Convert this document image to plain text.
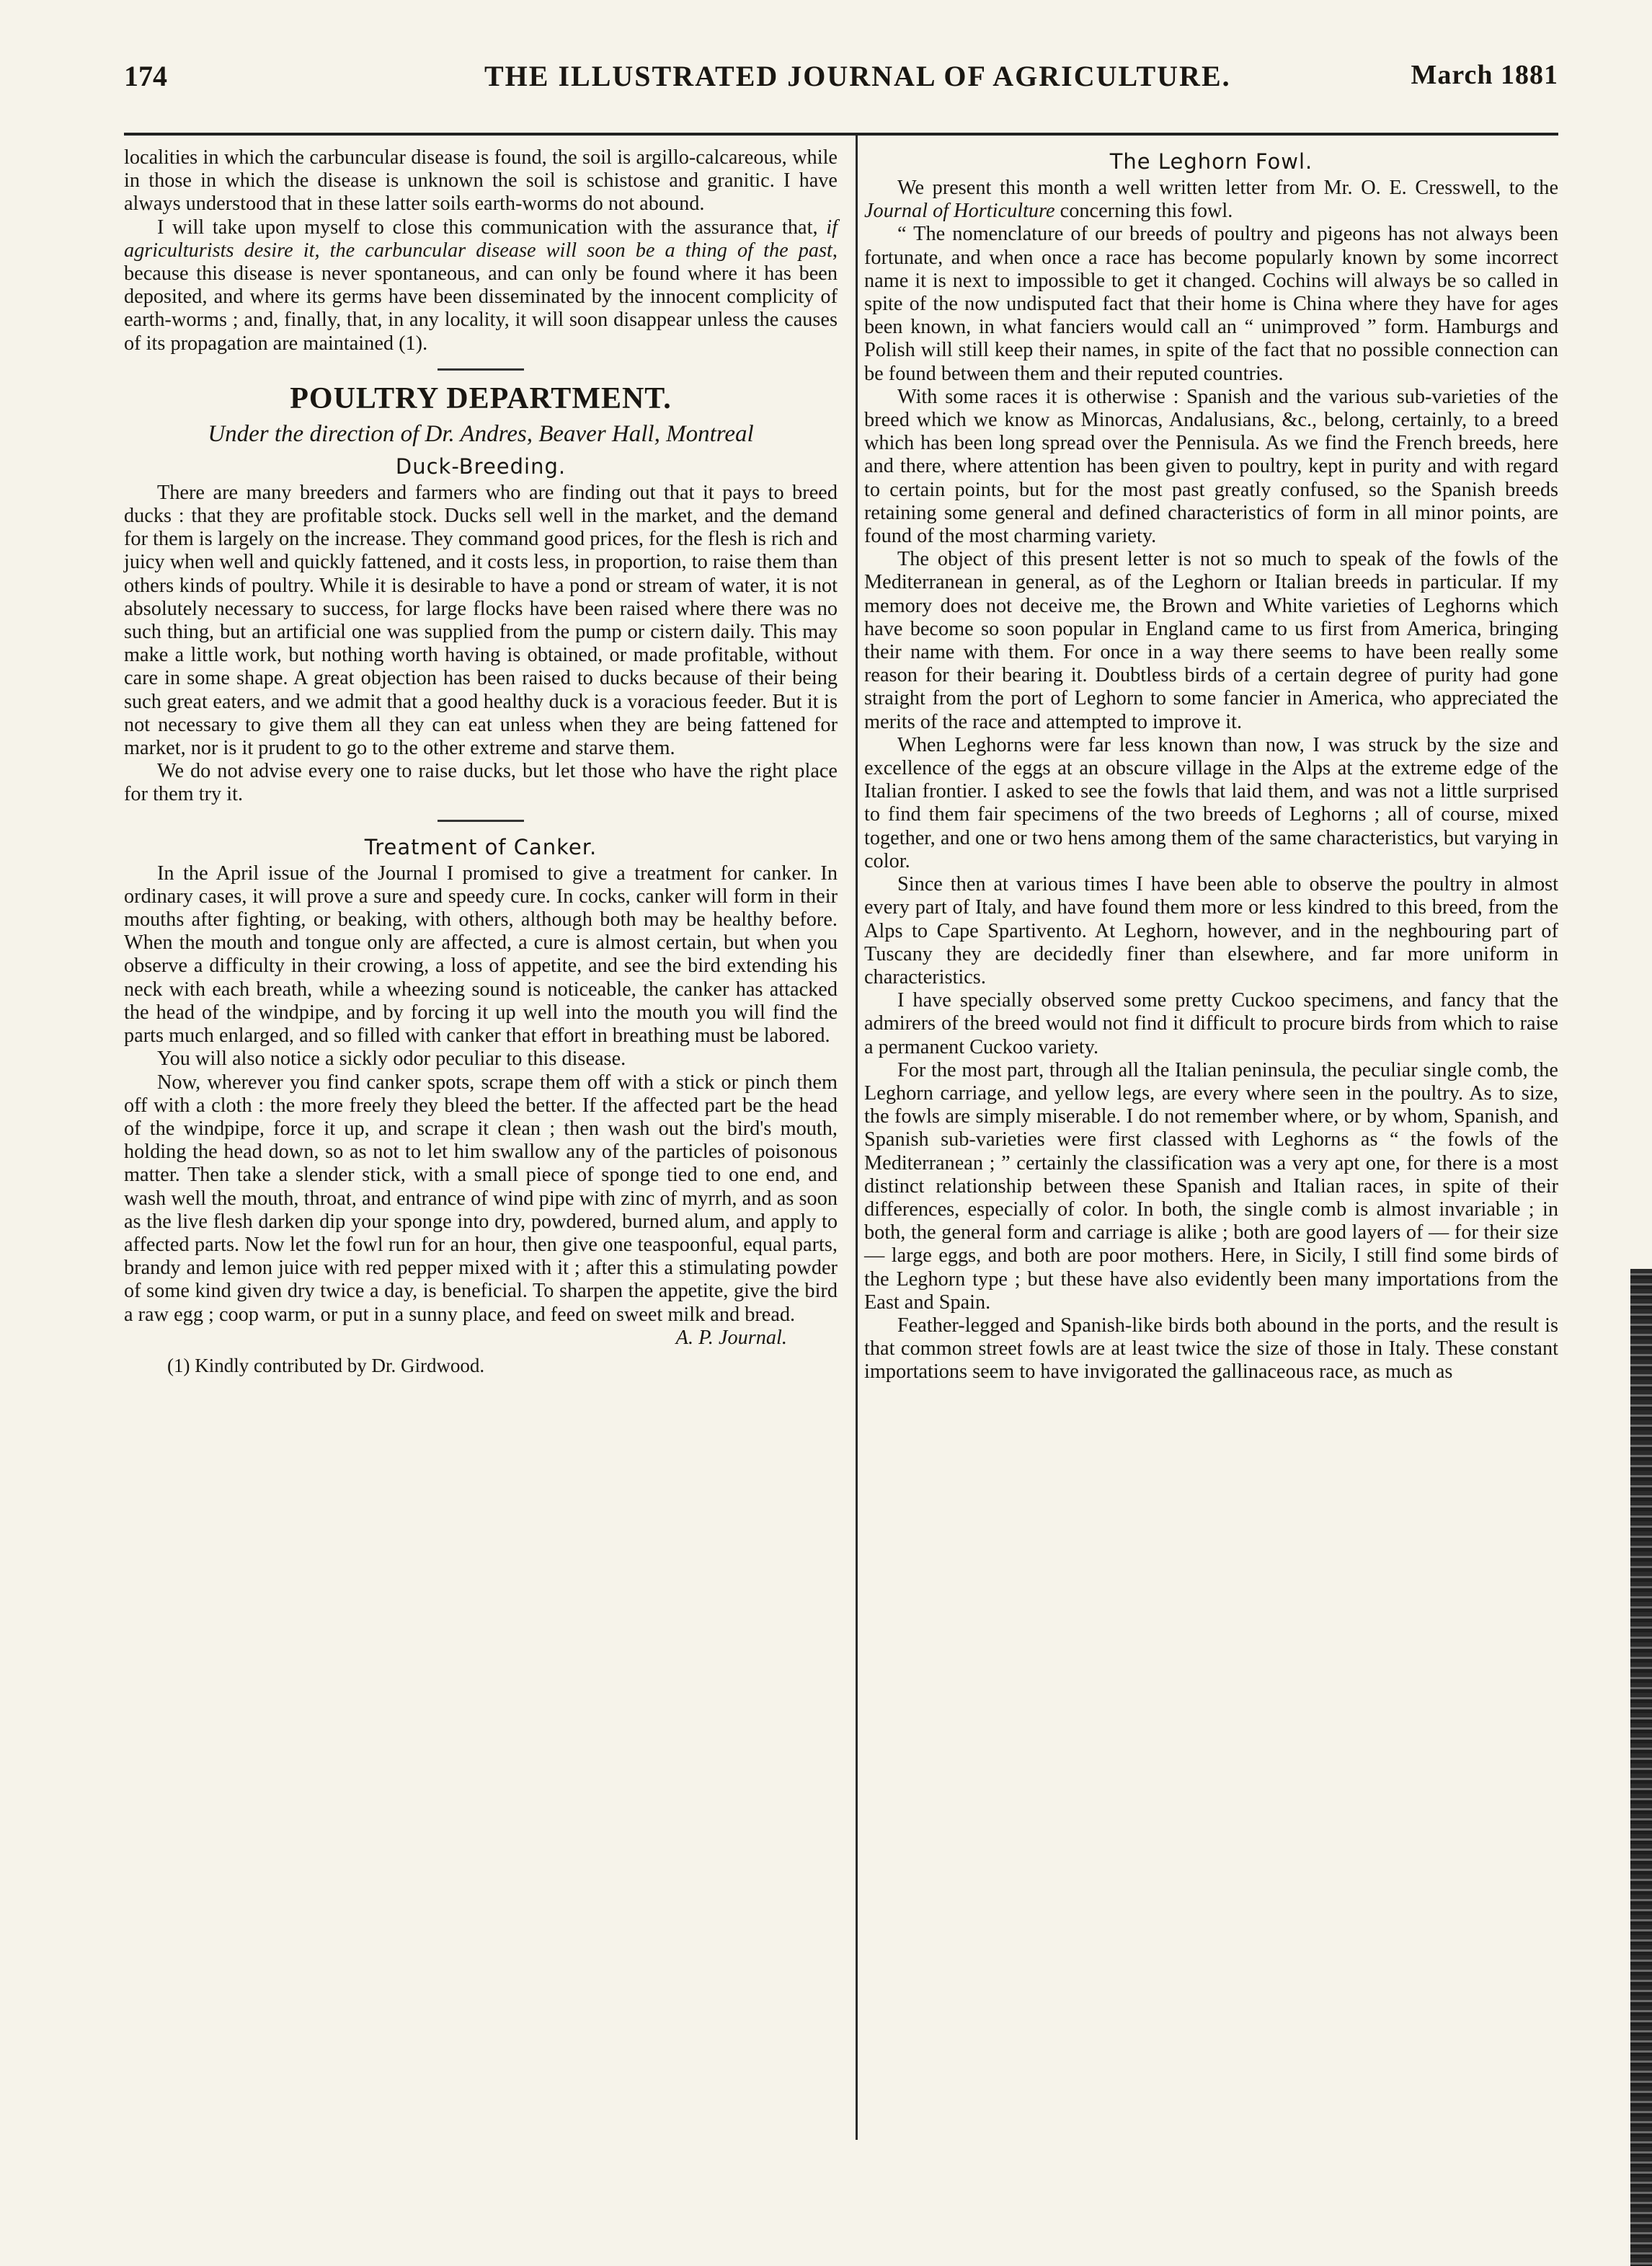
174	THE ILLUSTRATED JOURNAL OF AGRICULTURE.	March 1881

localities in which the carbuncular disease is found, the soil is argillo-calcareous, while in those in which the disease is unknown the soil is schistose and granitic. I have always understood that in these latter soils earth-worms do not abound.

I will take upon myself to close this communication with the assurance that, if agriculturists desire it, the carbuncular disease will soon be a thing of the past, because this disease is never spontaneous, and can only be found where it has been deposited, and where its germs have been disseminated by the innocent complicity of earth-worms ; and, finally, that, in any locality, it will soon disappear unless the causes of its propagation are maintained (1).

POULTRY DEPARTMENT.
Under the direction of Dr. Andres, Beaver Hall, Montreal
Duck-Breeding.

There are many breeders and farmers who are finding out that it pays to breed ducks : that they are profitable stock. Ducks sell well in the market, and the demand for them is largely on the increase. They command good prices, for the flesh is rich and juicy when well and quickly fattened, and it costs less, in proportion, to raise them than others kinds of poultry. While it is desirable to have a pond or stream of water, it is not absolutely necessary to success, for large flocks have been raised where there was no such thing, but an artificial one was supplied from the pump or cistern daily. This may make a little work, but nothing worth having is obtained, or made profitable, without care in some shape. A great objection has been raised to ducks because of their being such great eaters, and we admit that a good healthy duck is a voracious feeder. But it is not necessary to give them all they can eat unless when they are being fattened for market, nor is it prudent to go to the other extreme and starve them.

We do not advise every one to raise ducks, but let those who have the right place for them try it.

Treatment of Canker.

In the April issue of the Journal I promised to give a treatment for canker. In ordinary cases, it will prove a sure and speedy cure. In cocks, canker will form in their mouths after fighting, or beaking, with others, although both may be healthy before. When the mouth and tongue only are affected, a cure is almost certain, but when you observe a difficulty in their crowing, a loss of appetite, and see the bird extending his neck with each breath, while a wheezing sound is noticeable, the canker has attacked the head of the windpipe, and by forcing it up well into the mouth you will find the parts much enlarged, and so filled with canker that effort in breathing must be labored.

You will also notice a sickly odor peculiar to this disease.

Now, wherever you find canker spots, scrape them off with a stick or pinch them off with a cloth : the more freely they bleed the better. If the affected part be the head of the windpipe, force it up, and scrape it clean ; then wash out the bird's mouth, holding the head down, so as not to let him swallow any of the particles of poisonous matter. Then take a slender stick, with a small piece of sponge tied to one end, and wash well the mouth, throat, and entrance of wind pipe with zinc of myrrh, and as soon as the live flesh darken dip your sponge into dry, powdered, burned alum, and apply to affected parts. Now let the fowl run for an hour, then give one teaspoonful, equal parts, brandy and lemon juice with red pepper mixed with it ; after this a stimulating powder of some kind given dry twice a day, is beneficial. To sharpen the appetite, give the bird a raw egg ; coop warm, or put in a sunny place, and feed on sweet milk and bread.

A. P. Journal.
(1) Kindly contributed by Dr. Girdwood.
The Leghorn Fowl.

We present this month a well written letter from Mr. O. E. Cresswell, to the Journal of Horticulture concerning this fowl.

“ The nomenclature of our breeds of poultry and pigeons has not always been fortunate, and when once a race has become popularly known by some incorrect name it is next to impossible to get it changed. Cochins will always be so called in spite of the now undisputed fact that their home is China where they have for ages been known, in what fanciers would call an “ unimproved ” form. Hamburgs and Polish will still keep their names, in spite of the fact that no possible connection can be found between them and their reputed countries.

With some races it is otherwise : Spanish and the various sub-varieties of the breed which we know as Minorcas, Andalusians, &c., belong, certainly, to a breed which has been long spread over the Pennisula. As we find the French breeds, here and there, where attention has been given to poultry, kept in purity and with regard to certain points, but for the most past greatly confused, so the Spanish breeds retaining some general and defined characteristics of form in all minor points, are found of the most charming variety.

The object of this present letter is not so much to speak of the fowls of the Mediterranean in general, as of the Leghorn or Italian breeds in particular. If my memory does not deceive me, the Brown and White varieties of Leghorns which have become so soon popular in England came to us first from America, bringing their name with them. For once in a way there seems to have been really some reason for their bearing it. Doubtless birds of a certain degree of purity had gone straight from the port of Leghorn to some fancier in America, who appreciated the merits of the race and attempted to improve it.

When Leghorns were far less known than now, I was struck by the size and excellence of the eggs at an obscure village in the Alps at the extreme edge of the Italian frontier. I asked to see the fowls that laid them, and was not a little surprised to find them fair specimens of the two breeds of Leghorns ; all of course, mixed together, and one or two hens among them of the same characteristics, but varying in color.

Since then at various times I have been able to observe the poultry in almost every part of Italy, and have found them more or less kindred to this breed, from the Alps to Cape Spartivento. At Leghorn, however, and in the neghbouring part of Tuscany they are decidedly finer than elsewhere, and far more uniform in characteristics.

I have specially observed some pretty Cuckoo specimens, and fancy that the admirers of the breed would not find it difficult to procure birds from which to raise a permanent Cuckoo variety.

For the most part, through all the Italian peninsula, the peculiar single comb, the Leghorn carriage, and yellow legs, are every where seen in the poultry. As to size, the fowls are simply miserable. I do not remember where, or by whom, Spanish, and Spanish sub-varieties were first classed with Leghorns as “ the fowls of the Mediterranean ; ” certainly the classification was a very apt one, for there is a most distinct relationship between these Spanish and Italian races, in spite of their differences, especially of color. In both, the single comb is almost invariable ; in both, the general form and carriage is alike ; both are good layers of — for their size — large eggs, and both are poor mothers. Here, in Sicily, I still find some birds of the Leghorn type ; but these have also evidently been many importations from the East and Spain.

Feather-legged and Spanish-like birds both abound in the ports, and the result is that common street fowls are at least twice the size of those in Italy. These constant importations seem to have invigorated the gallinaceous race, as much as
